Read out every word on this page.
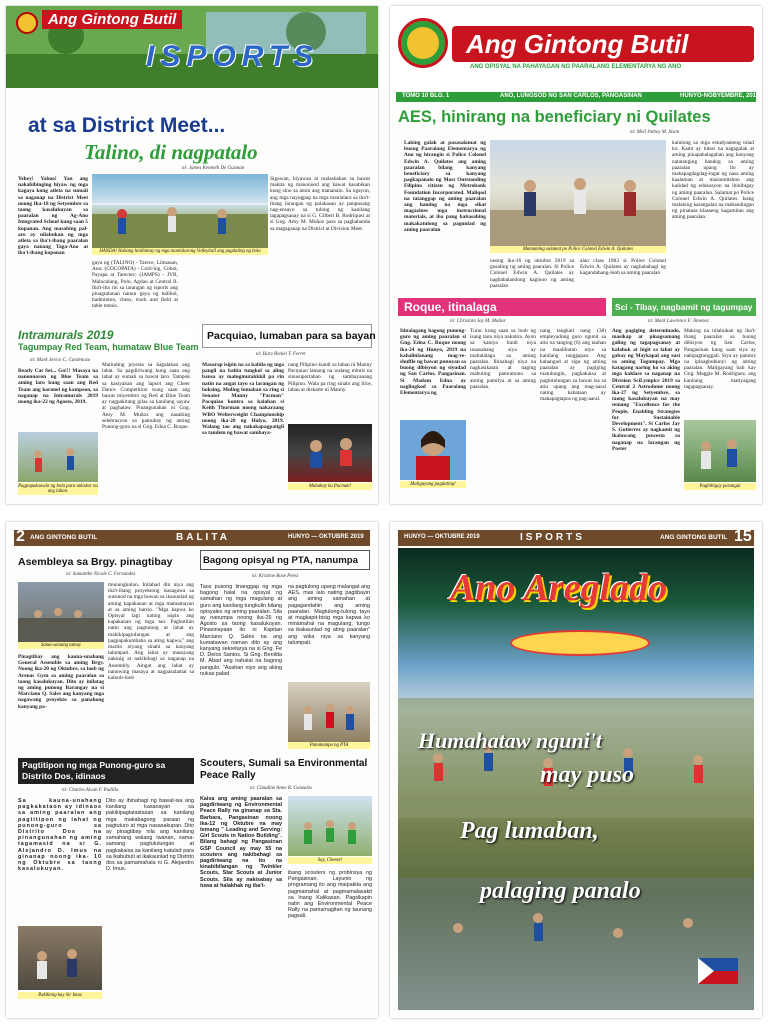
Ang Gintong Butil
ISPORTS
at sa District Meet...
Talino, di nagpatalo
ni: James Kenneth De Guzman
Yehey! Yahoo! Yan ang nakabibinging hiyaw ng mga kagaya kong atleta na sumali sa naganap na District Meet noong Ika-18 ng Setyembre sa taong kasalukuyan sa paaralan ng Ag-Ano Integrated School kung saan 5 kopanan. Ang masabing pal-aro ay nilahukan ng mga atleta sa iba't-ibang paaralan gaya nanang Taga-Ano at iba't-ibang koponan	HANDA! Habang hinihintay ng mga manlalarong Volleyball ang pagdating ng bola
gaya ng (TALINO) - Tarece, Lilmasan, Ano; (COCOPATA) - Colil-ing, Cobol, Payapa at Tarectec; (JAMPS) - JVR, Malucalang, Polo, Agdao at Central II. Iba't-iba rin sa larangan ng isports ang pinagtalunan nanun gaya ng balibol, badminton, chess, track and field at table tennis.
Sigawan, hiyawan at malasbakan sa bawat makita ng manonood ang bawat kasabikan kung sino sa amin ang mananalo. Sa ngayon, ang mga nayugpap na mga manlalaro sa iba't-ibang larangan ng palakasan ay paupusang nag-ensayo sa tulong ng kanilang tagapagsanay na si G. Gilbert B. Rodriquez at si Gng. Amy M. Muñoz para sa paghahanda sa magaganap na District at Division Meet.
Intramurals 2019
Tagumpay Red Team, humataw Blue Team
ni: Mark Jerico C. Cardenozo
Ready Cat Set... Go!!! Masaya na nanonuoron ng Blue Team sa aming laro kung saan ang Red Team ang koronel ng kampeon, sa naganap na Intramurals 2019 noong ika-22 ng Agosto, 2019.
Pagpapakawala ng bola para umiskor na ang laban.
Matinding piyesta sa kagalakan ang lahat. Sa pagdiriwang kung saan ang lahat ay sumali sa bawat laro. Tampok sa kasiyahan ang lapsot ang Cheer Dance Competition kung saan ang bawat miyembro ng Red at Blue Team ay nagpakitang gilas sa kanilang sayaw at paghataw. Pinangunahan ni Gng. Amy M. Muñoz ang nasabing selebrasyon sa patnubay ng aming Punong-guro na si Gng. Edna C. Roque.
Pacquiao, lumaban para sa bayan
ni: Harz Reniel T. Ferrer
Masarap isipin na sa kabila ng mga pangil na baltia tungkol sa aling bansa ay malugmutakkkil pa rin natin na angat tayo sa larangan ng boksing. Muling lumaban sa ring si Senator Manny "Pacman" Pacquiao kontra sa kalaban si Keith Thurman noong nakaraang WBO Welterweight Championship noong ika-20 ng Hulyo, 2019. Walang tao ang nakakapagpatigil sa tandem ng bawat sambaya-
nang Pilipino kundi sa laban ni Manny Pacquiao lamang na walang mintis na sinusuportahan ng sambayanang Pilipino. Wala pa ring sinabi ang ilice, laban at diskarte ni Manny.
Mabuhay ka Pacman!
Ang Gintong Butil
ANG OPISYAL NA PAHAYAGAN NG PAARALANG ELEMENTARYA NG ANO
TOMO 10 BLG. 1	ANO, LUNGSOD NG SAN CARLOS, PANGASINAN	HUNYO-NOBYEMBRE, 2019
AES, hinirang na beneficiary ni Quilates
ni: Meil Jinboy M. Sison
Laking galak at pasasalamat ng buong Paaralang Elementarya ng Ano ng hirangin si Police Colonel Edwin A. Quilates ang aming paaralan bilang kanyang beneficiary sa kanyang pagkapanalo ng Most Outstanding Filipino citizen ng Metrobank Foundation Incorporated. Maliqod na tatanggap ng aming paaralan ang handog na mga sikat magazines mga instructional materials, at iba pang babasahing makakatulong sa pagunlad ng aming paaralan
Mamaming salamat po Police Colonel Edwin A. Quilates
noong ika-16 ng oktubre 2019 sa gusaling ng aming paaralan. Si Police Colonel Edwin A. Quilates ay nagbabalandong kaginoo ng aming paaralan
alan class 1983 si Police Colonel Edwin A. Quilates ay nagbabahagi ng kagandahang-loob sa aming paaralan
katulong sa mga estudyanteng tulad ko. Kami ay lubos na nagagalak at aming pinapahalagahan ang kanyang natatanging handog sa aming paaralan upang ito ay makapagdagdag-ingat ng nasa aming kaalaman at maisumitshon ang kalidad ng edukasyon na ibinibigay ng aming paaralan. Salamat po Police Colonel Edwin A. Quilates. Isang malaking karangalan na mabandingan ng pinataas klasseng kagamitan ang aming paaralan.
Roque, itinalaga
ni: Christian Jay M. Muñoz
Itinalagang bagong punong-guro ng aming paaralan si Gng. Edna C. Roque noong ika-24 ng Hunyo, 2019 na kahalinlanang mag-re-shuffle ng bawat punuyan sa buong dibisyon ng siyudad ng San Carlos, Pangasinan. Si Madam Edna ay naglingkod sa Paaralang Elementarya ng
Maligayang pagdating!
Turac kung saan sa loob ng isang taon niya nakatira. Ayon sa kaniya hindi niya inaasahang siya ay maitatalaga sa aming paaralan. Ibinahagi niya na nagkasikatan at naging mabuting pamumuno sa aming pamilya at sa aming paaralan.
nang tangkad nang (38) empleyadong guro ngunit sa atin na tanging (6) ang tauhan na maalibutan niya sa kanilang tanggapan. Ang kahangad at siga ng aming paaralan ay pagiging matulungin, pagkakaisa at pagtutulungan sa bawat isa sa atin upang ang mag-aaral nating kabataan ay makapagtapos ng pag-aaral.
Sci - Tibay, nagbamit ng tagumpay
ni: Mark Lawrence F. Jimenez
Ang pagiging determinado, masikap at pinagsamang galing ng tagapagsanay at kalahok at higit sa lahat ay gabay ng Maykapal ang susi sa aming Tagumpay. Mga katagang naring ko sa aking mga kaklase sa naganap na Division SciLympics 2019 sa Central 2 Astrodome noong ika-27 ng Setyembre, sa taong kasalukuyan na may temang "Excellence for the People, Enabling Strategies for Sustainable Development". Si Carlos Jay S. Gutierrez ay nagkamit ng ikalawang puwesto sa naganap na larangan ng Poster
Making na nilahukan ng iba't-ibang paaralan sa buong dibisyon ng San Carlos, Pangasinan kung saan siya ay nakipagtunggali. Siya ay patuloy na ipinagbubunyi ng aming paaralan. Maligayang bati kay Gng. Maggie M. Rodriguez, ang kanilang matiyagang tagapagsanay.
Pagbibigay parangal
2 ANG GINTONG BUTIL	BALITA	HUNYO — OKTUBRE 2019
Asembleya sa Brgy. pinagtibay
ni: Samanthe Nicole C. Fernandez
Sama-samang tatnay
Pinagtibay ang kauna-unahang General Assemble sa aming Brgy. Noong ika-20 ng Oktubre, sa loob ng Arenas Gym sa aming paaralan sa taong kasalukuyan. Dito ay inilatag ng aming punong Barangay na si Marciano Q. Sales ang kanyang mga nagawang proyekto sa panahong kanyang pa-
munungkulan. Inilahad din niya ang iba't-ibang proyektong isasagawa sa susunod na mga buwan sa ikauunlad ng aming kapakanan at mga mamamayan at sa aming barrio. "Mga kapwa ko Opisyal lagi nating isipin ang kapakanan ng mga tao. Pagbutihin natin ang pagtulong at lahat ay makikipagtulungan at ang pagpapakumbaba sa ating kapwa," ang mariin niyang sinabi sa kanyang talumpati. Ang lahat ay masayang nakinig at nakikibagi sa naganap na Assembly. Aingat ang lahat ay nanuwing masaya at nagpasalamat sa kaloob-loob
Bagong opisyal ng PTA, nanumpa
ni: Kristine Rose Perez
Taos pusong tinanggap ng mga bagong halal na opisyal ng samahan ng mga magulang at guro ang kanilang tungkulin bilang opisyales ng aming paaralan. Sila ay nanumpa noong ika-26 ng Agosto sa taong kasalukuyan. Pinasinayaan ito ni Kapitan Marciano Q. Sales na ang kumatawan naman dito ay ang kanyang sekretarya na si Gng. Fe D. Delos Santos. Si Gng. Benilda M. Abad ang nahalal na bagong pangulo. "Asahan niyo ang aking nukas palad
na pagtulong upang malangat ang AES, mas lalo nating pagtibayin ang aming samahan at pagagandahin ang aming paaralan. Magtulong-tulong tayo at magkapit-bisig mga kapwa ko minamahal na magulang, tungo sa ikakaunlad ng ating paaralan" ang wika niya sa kanyang talumpati.
Panunumpa ng PTA
Pagtitipon ng mga Punong-guro sa Distrito Dos, idinaos
ni: Charles Alvan F. Padilla
Sa kauna-unahang pagkakataon ay idinaos sa aming paaralan ang pagtitipon ng lahat ng punong-guro sa Distrito Dos na pinangunahan ng aming tagamasid na si G. Alejandro D. Imus na ginanap noong ika- 10 ng Oktubre sa taong kasalukuyan.
Pakikinig kay Sir Imus
Dito ay ibinahagi ng bawat-isa ang kanilang kasanayan sa pakikipagtalastasan sa kanilang mga makabagong paraan ng pagtuturo at mga nasasakupan. Dito ay pinagtibay nila ang kanilang samahang walang iwanan, sama-samang pagtutulungan at pagkakaisa sa kanilang katulad para sa ikabubuti at ikakaunlad ng Distrito dos sa pamamahala ni G. Alejandro D. Imus.
Scouters, Sumali sa Environmental Peace Rally
ni: Claudine Anne R. Gonzales
Kaisa ang aming paaralan sa pagdiriwang ng Environmental Peace Rally na ginanap sa Sta. Barbara, Pangasinan noong ika-12 ng Oktubre na may temang " Leading and Serving: Girl Scouts in Nation Building". Bilang bahagi ng Pangasinan GSP Council ay may 55 na scouters ang nakibahagi sa pagdiriwang na ito na kinabibilangan ng Twinkler Scouts, Star Scouts at Junior Scouts. Sila ay nakisabay sa tuwa at halakhak ng iba't-
Say, Cheeze!
ibang scouters ng probinsya ng Pangasinan. Layunin ng programang ito ang maipakita ang pagmamahal at pagmamalasakit sa Inang Kalikasan. Pagsikapin natin ang Environmental Peace Rally na pamamagitan ng taunang pagsali.
HUNYO — OKTUBRE 2019	ISPORTS	ANG GINTONG BUTIL 15
Ano Areglado
Humahataw nguni't
may puso
Pag lumaban,
palaging panalo
